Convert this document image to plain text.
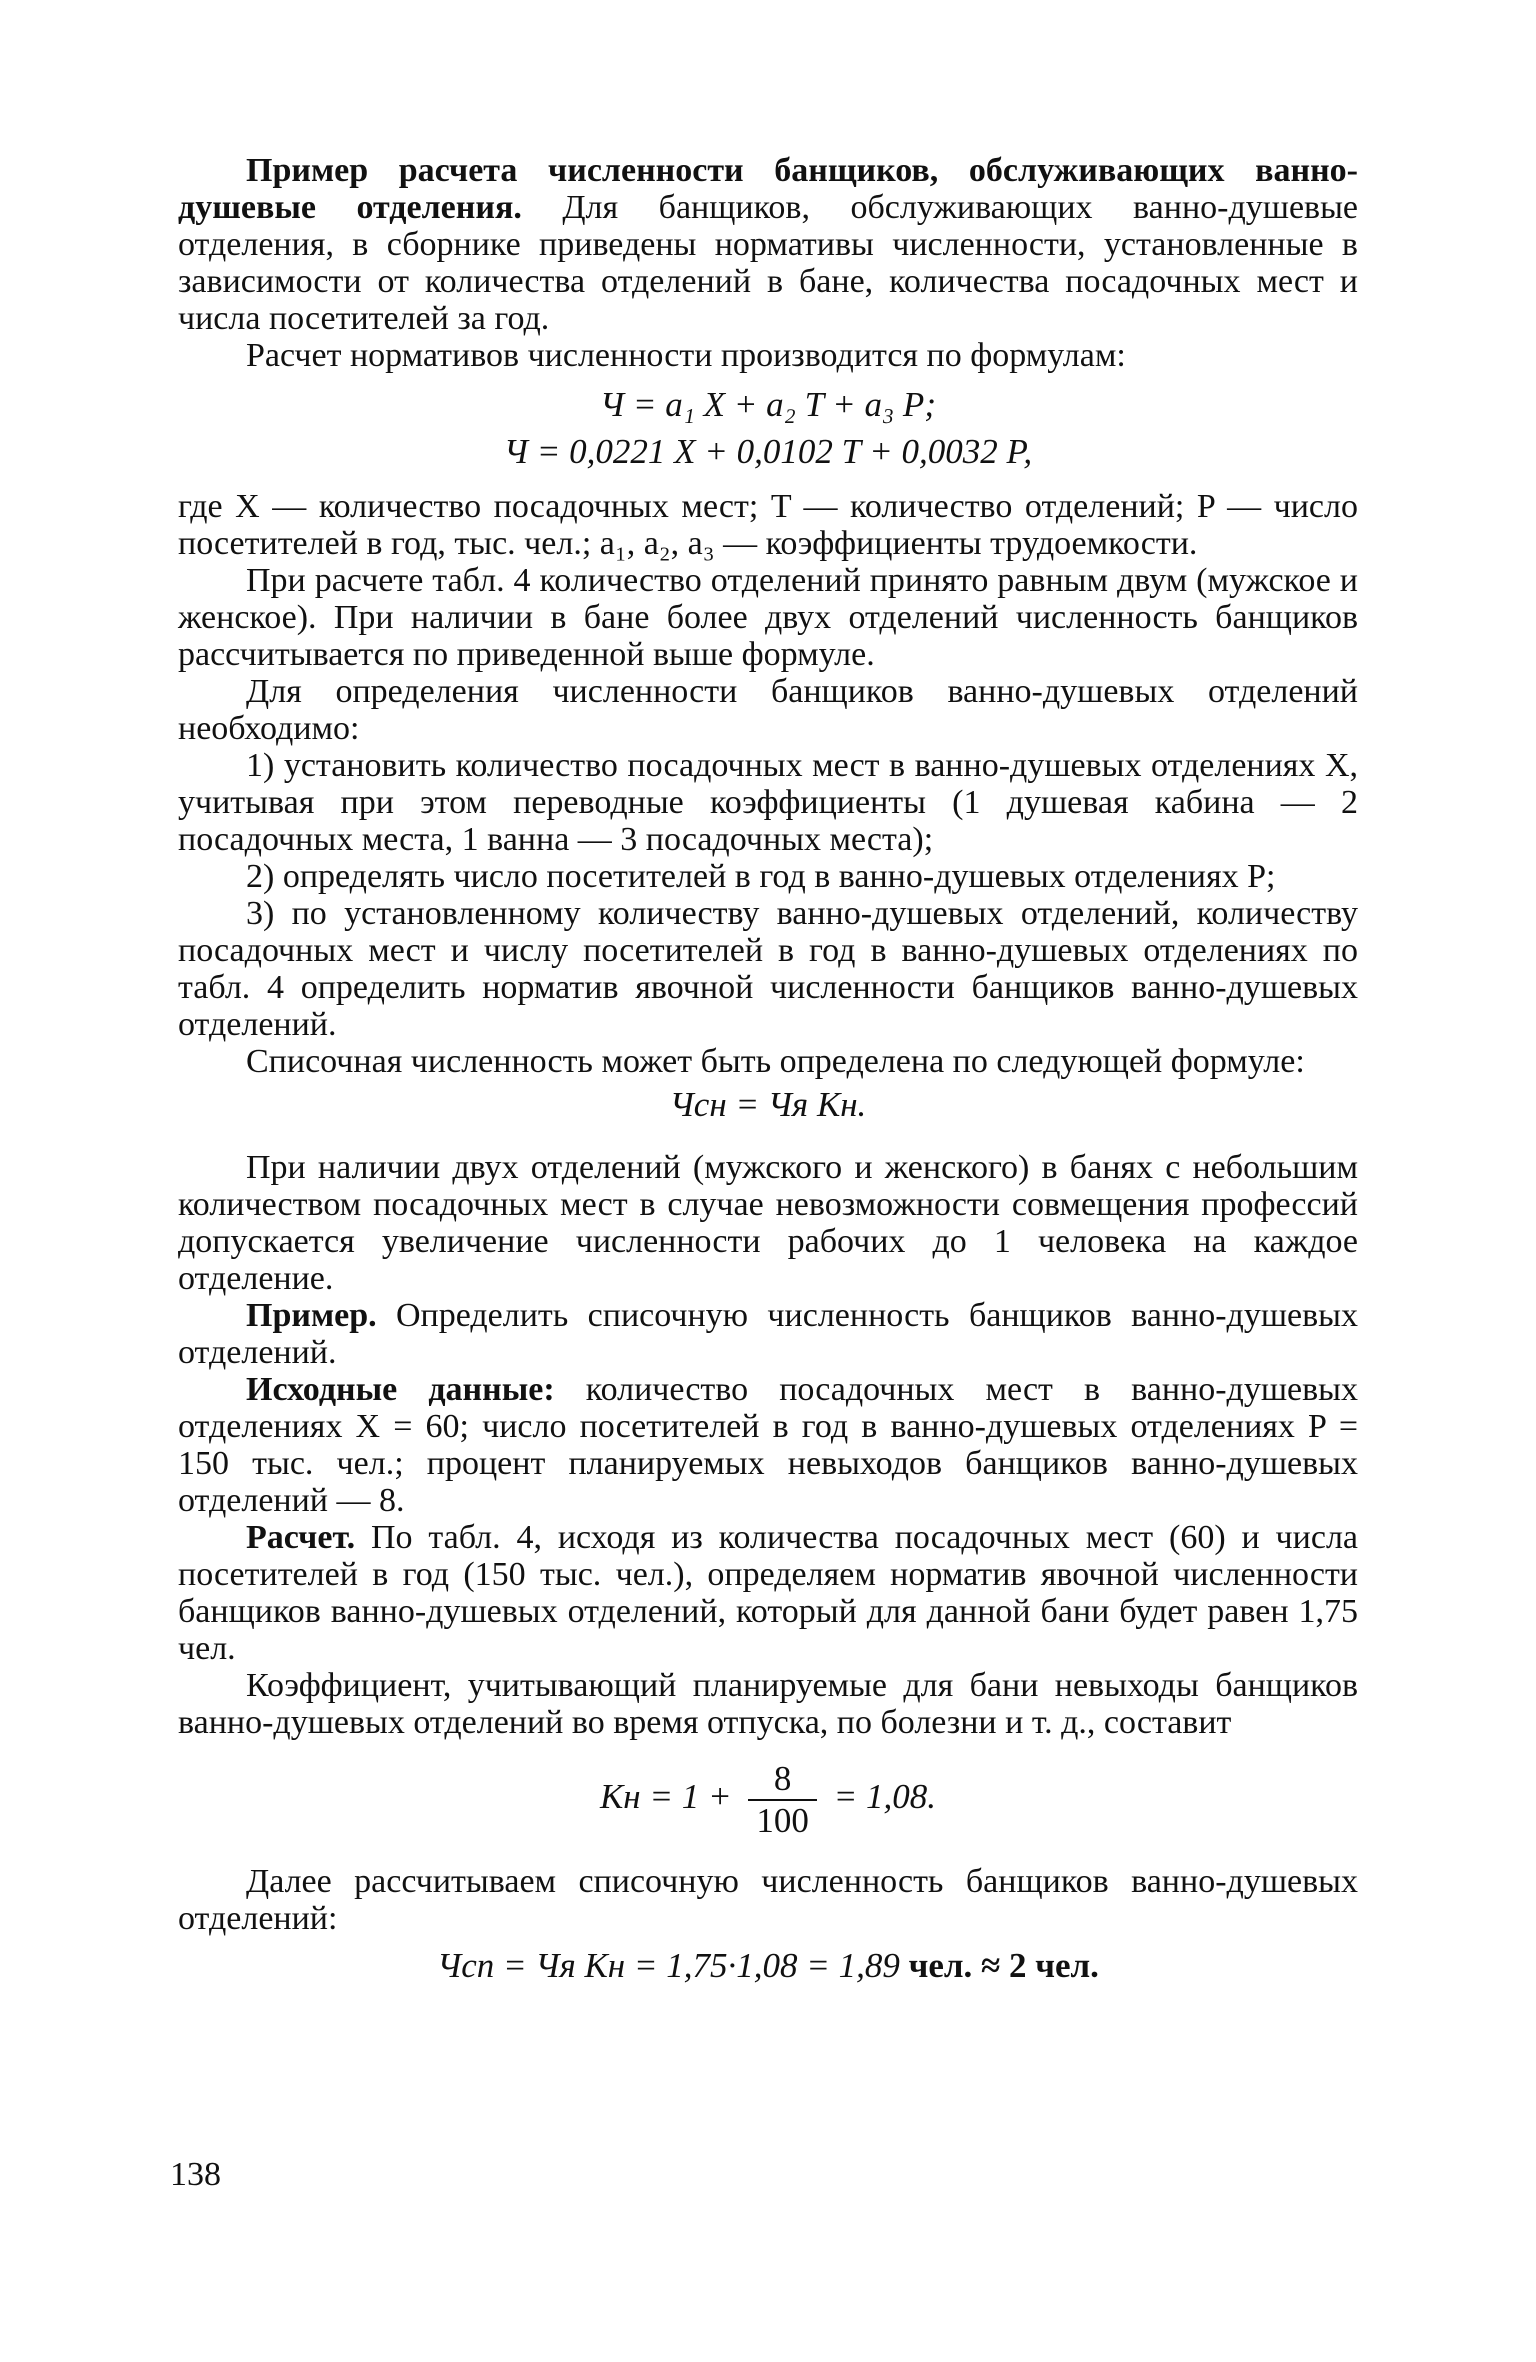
Пример расчета численности банщиков, обслуживающих ванно-душевые отделения. Для банщиков, обслуживающих ванно-душевые отделения, в сборнике приведены нормативы численности, установленные в зависимости от количества отделений в бане, количества посадочных мест и числа посетителей за год.

Расчет нормативов численности производится по формулам:

Ч = a₁ X + a₂ T + a₃ P;
Ч = 0,0221 X + 0,0102 T + 0,0032 P,

где X — количество посадочных мест; T — количество отделений; P — число посетителей в год, тыс. чел.; a₁, a₂, a₃ — коэффициенты трудоемкости.

При расчете табл. 4 количество отделений принято равным двум (мужское и женское). При наличии в бане более двух отделений численность банщиков рассчитывается по приведенной выше формуле.

Для определения численности банщиков ванно-душевых отделений необходимо:

1) установить количество посадочных мест в ванно-душевых отделениях X, учитывая при этом переводные коэффициенты (1 душевая кабина — 2 посадочных места, 1 ванна — 3 посадочных места);

2) определять число посетителей в год в ванно-душевых отделениях P;

3) по установленному количеству ванно-душевых отделений, количеству посадочных мест и числу посетителей в год в ванно-душевых отделениях по табл. 4 определить норматив явочной численности банщиков ванно-душевых отделений.

Списочная численность может быть определена по следующей формуле:

Чсн = Чя Кн.

При наличии двух отделений (мужского и женского) в банях с небольшим количеством посадочных мест в случае невозможности совмещения профессий допускается увеличение численности рабочих до 1 человека на каждое отделение.

Пример. Определить списочную численность банщиков ванно-душевых отделений.

Исходные данные: количество посадочных мест в ванно-душевых отделениях X = 60; число посетителей в год в ванно-душевых отделениях P = 150 тыс. чел.; процент планируемых невыходов банщиков ванно-душевых отделений — 8.

Расчет. По табл. 4, исходя из количества посадочных мест (60) и числа посетителей в год (150 тыс. чел.), определяем норматив явочной численности банщиков ванно-душевых отделений, который для данной бани будет равен 1,75 чел.

Коэффициент, учитывающий планируемые для бани невыходы банщиков ванно-душевых отделений во время отпуска, по болезни и т. д., составит

Кн = $1 + \frac{8}{100} = 1,08$.

Далее рассчитываем списочную численность банщиков ванно-душевых отделений:

Чсп = Чя Кн = 1,75·1,08 = 1,89 чел. ≈ 2 чел.
138
